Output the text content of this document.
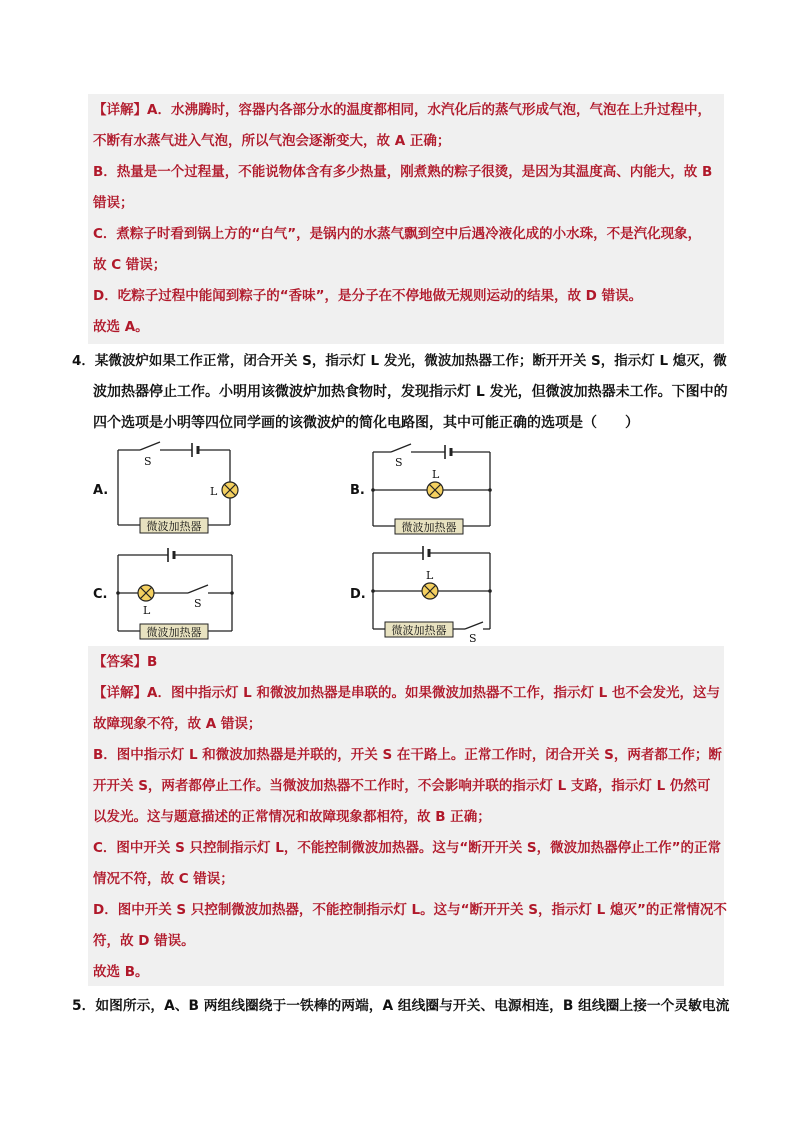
【详解】A．水沸腾时，容器内各部分水的温度都相同，水汽化后的蒸气形成气泡，气泡在上升过程中，
不断有水蒸气进入气泡，所以气泡会逐渐变大，故 A 正确；
B．热量是一个过程量，不能说物体含有多少热量，刚煮熟的粽子很烫，是因为其温度高、内能大，故 B
错误；
C．煮粽子时看到锅上方的“白气”，是锅内的水蒸气飘到空中后遇冷液化成的小水珠，不是汽化现象，
故 C 错误；
D．吃粽子过程中能闻到粽子的“香味”，是分子在不停地做无规则运动的结果，故 D 错误。
故选 A。
4．某微波炉如果工作正常，闭合开关 S，指示灯 L 发光，微波加热器工作；断开开关 S，指示灯 L 熄灭，微
波加热器停止工作。小明用该微波炉加热食物时，发现指示灯 L 发光，但微波加热器未工作。下图中的
四个选项是小明等四位同学画的该微波炉的简化电路图，其中可能正确的选项是（　　）
A.	B.
C.	D.
微波加热器
S
L
微波加热器
S
L
微波加热器
L
S
微波加热器
L
S
【答案】B
【详解】A．图中指示灯 L 和微波加热器是串联的。如果微波加热器不工作，指示灯 L 也不会发光，这与
故障现象不符，故 A 错误；
B．图中指示灯 L 和微波加热器是并联的，开关 S 在干路上。正常工作时，闭合开关 S，两者都工作；断
开开关 S，两者都停止工作。当微波加热器不工作时，不会影响并联的指示灯 L 支路，指示灯 L 仍然可
以发光。这与题意描述的正常情况和故障现象都相符，故 B 正确；
C．图中开关 S 只控制指示灯 L，不能控制微波加热器。这与“断开开关 S，微波加热器停止工作”的正常
情况不符，故 C 错误；
D．图中开关 S 只控制微波加热器，不能控制指示灯 L。这与“断开开关 S，指示灯 L 熄灭”的正常情况不
符，故 D 错误。
故选 B。
5．如图所示，A、B 两组线圈绕于一铁棒的两端，A 组线圈与开关、电源相连，B 组线圈上接一个灵敏电流
